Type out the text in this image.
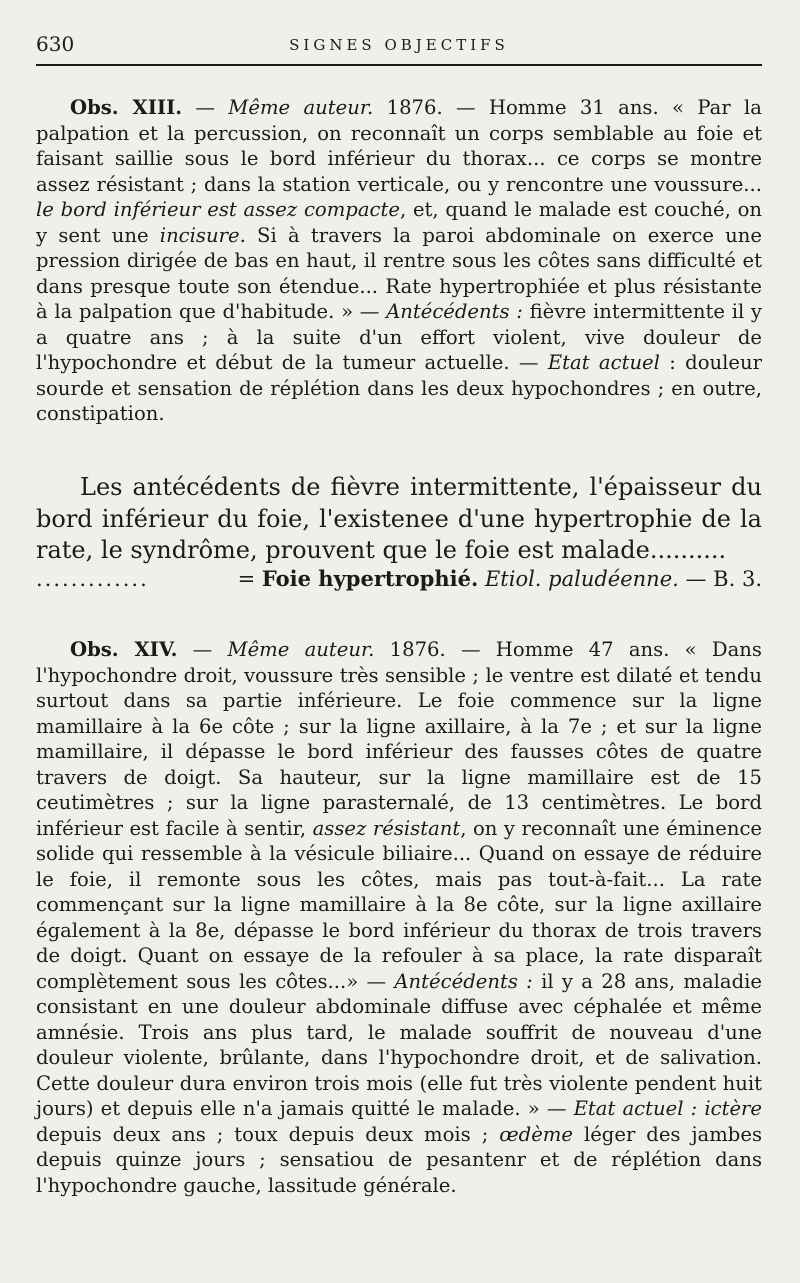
630	SIGNES OBJECTIFS

Obs. XIII. — Même auteur. 1876. — Homme 31 ans. « Par la palpation et la percussion, on reconnaît un corps semblable au foie et faisant saillie sous le bord inférieur du thorax... ce corps se montre assez résistant ; dans la station verticale, ou y rencontre une voussure... le bord inférieur est assez compacte, et, quand le malade est couché, on y sent une incisure. Si à travers la paroi abdominale on exerce une pression dirigée de bas en haut, il rentre sous les côtes sans difficulté et dans presque toute son étendue... Rate hypertrophiée et plus résistante à la palpation que d'habitude. » — Antécédents : fièvre intermittente il y a quatre ans ; à la suite d'un effort violent, vive douleur de l'hypochondre et début de la tumeur actuelle. — Etat actuel : douleur sourde et sensation de réplétion dans les deux hypochondres ; en outre, constipation.

Les antécédents de fièvre intermittente, l'épaisseur du bord inférieur du foie, l'existenee d'une hypertrophie de la rate, le syndrôme, prouvent que le foie est malade..........

.............	= Foie hypertrophié. Etiol. paludéenne. — B. 3.

Obs. XIV. — Même auteur. 1876. — Homme 47 ans. « Dans l'hypochondre droit, voussure très sensible ; le ventre est dilaté et tendu surtout dans sa partie inférieure. Le foie commence sur la ligne mamillaire à la 6e côte ; sur la ligne axillaire, à la 7e ; et sur la ligne mamillaire, il dépasse le bord inférieur des fausses côtes de quatre travers de doigt. Sa hauteur, sur la ligne mamillaire est de 15 ceutimètres ; sur la ligne parasternalé, de 13 centimètres. Le bord inférieur est facile à sentir, assez résistant, on y reconnaît une éminence solide qui ressemble à la vésicule biliaire... Quand on essaye de réduire le foie, il remonte sous les côtes, mais pas tout-à-fait... La rate commençant sur la ligne mamillaire à la 8e côte, sur la ligne axillaire également à la 8e, dépasse le bord inférieur du thorax de trois travers de doigt. Quant on essaye de la refouler à sa place, la rate disparaît complètement sous les côtes...» — Antécédents : il y a 28 ans, maladie consistant en une douleur abdominale diffuse avec céphalée et même amnésie. Trois ans plus tard, le malade souffrit de nouveau d'une douleur violente, brûlante, dans l'hypochondre droit, et de salivation. Cette douleur dura environ trois mois (elle fut très violente pendent huit jours) et depuis elle n'a jamais quitté le malade. » — Etat actuel : ictère depuis deux ans ; toux depuis deux mois ; œdème léger des jambes depuis quinze jours ; sensatiou de pesantenr et de réplétion dans l'hypochondre gauche, lassitude générale.
